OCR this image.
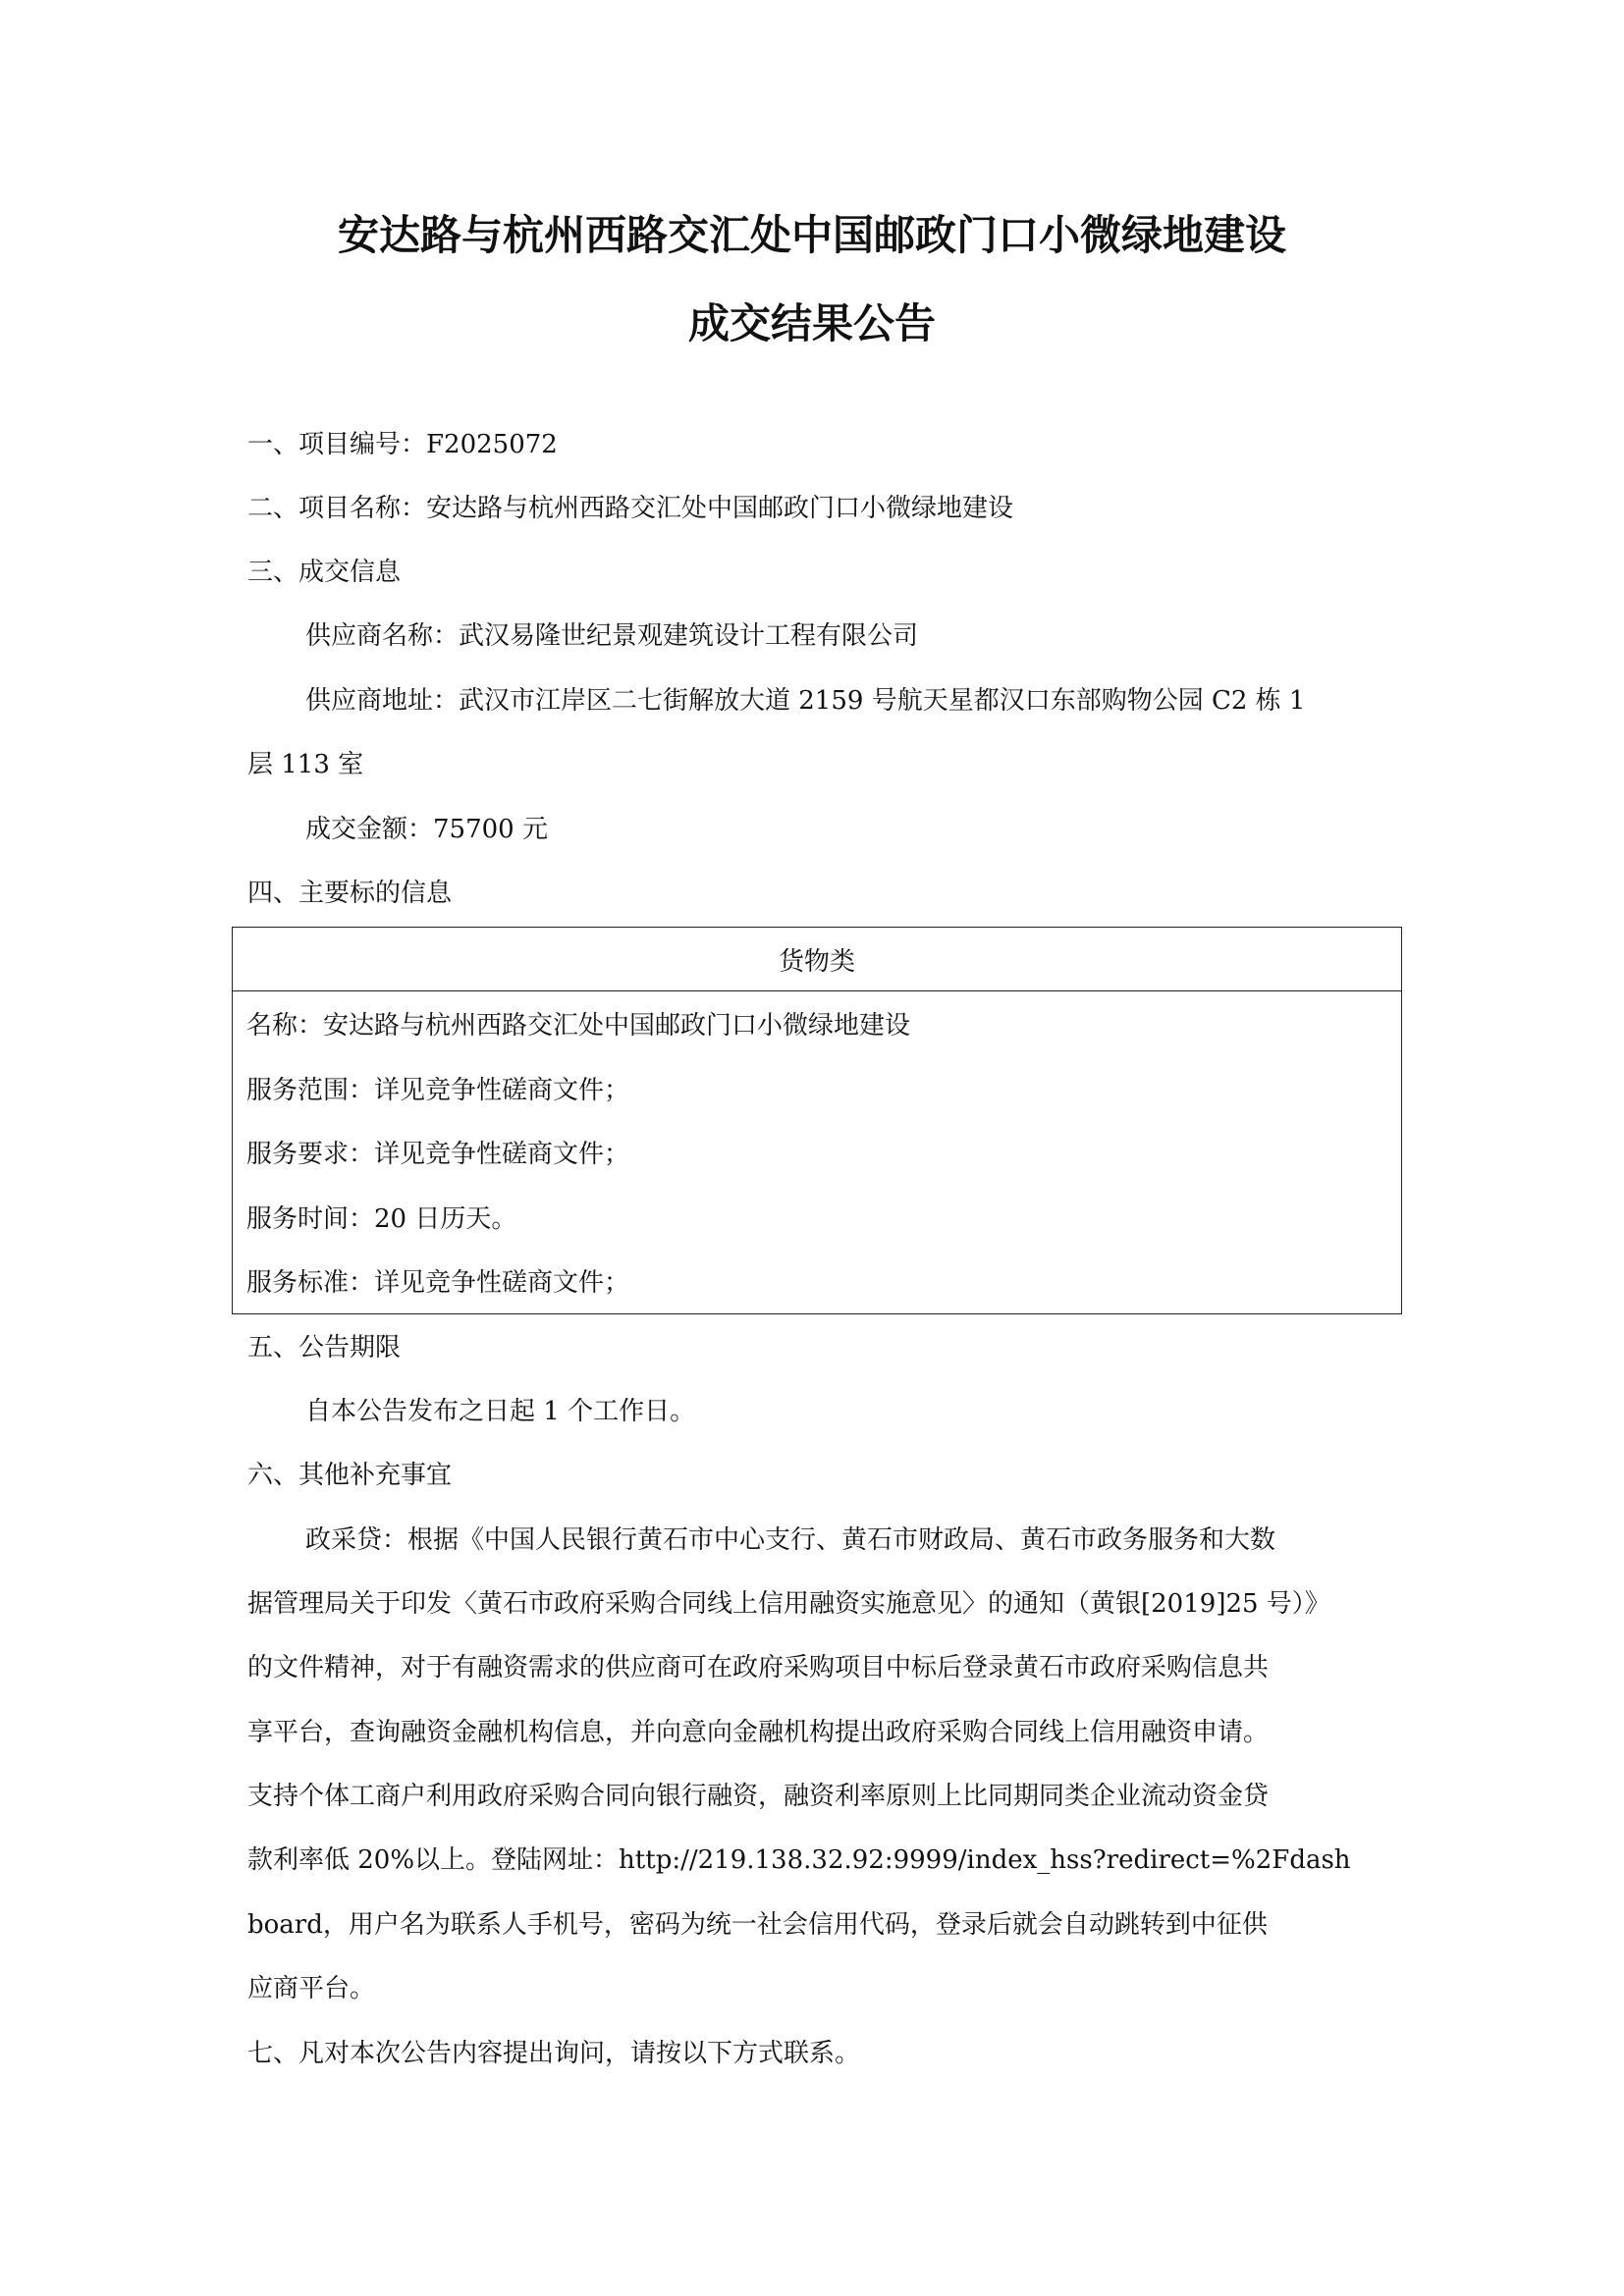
安达路与杭州西路交汇处中国邮政门口小微绿地建设
成交结果公告

一、项目编号：F2025072

二、项目名称：安达路与杭州西路交汇处中国邮政门口小微绿地建设

三、成交信息

供应商名称：武汉易隆世纪景观建筑设计工程有限公司

供应商地址：武汉市江岸区二七街解放大道 2159 号航天星都汉口东部购物公园 C2 栋 1

层 113 室

成交金额：75700 元

四、主要标的信息

货物类
名称：安达路与杭州西路交汇处中国邮政门口小微绿地建设
服务范围：详见竞争性磋商文件；
服务要求：详见竞争性磋商文件；
服务时间：20 日历天。
服务标准：详见竞争性磋商文件；

五、公告期限

自本公告发布之日起 1 个工作日。

六、其他补充事宜

政采贷：根据《中国人民银行黄石市中心支行、黄石市财政局、黄石市政务服务和大数

据管理局关于印发〈黄石市政府采购合同线上信用融资实施意见〉的通知（黄银[2019]25 号）》

的文件精神，对于有融资需求的供应商可在政府采购项目中标后登录黄石市政府采购信息共

享平台，查询融资金融机构信息，并向意向金融机构提出政府采购合同线上信用融资申请。

支持个体工商户利用政府采购合同向银行融资，融资利率原则上比同期同类企业流动资金贷

款利率低 20%以上。登陆网址：http://219.138.32.92:9999/index_hss?redirect=%2Fdash

board，用户名为联系人手机号，密码为统一社会信用代码，登录后就会自动跳转到中征供

应商平台。

七、凡对本次公告内容提出询问，请按以下方式联系。
